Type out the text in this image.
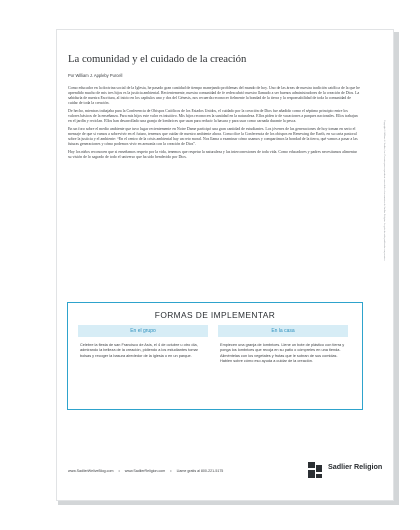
La comunidad y el cuidado de la creación

Por William J. Appleby Purcell

Como educador en la doctrina social de la Iglesia, he pasado gran cantidad de tiempo manejando problemas del mundo de hoy. Uno de las áreas de nuestra tradición católica de la que he aprendido mucho de mis tres hijos es la justicia ambiental. Recientemente, nuestra comunidad de fe redescubrió nuestro llamado a ser buenos administradores de la creación de Dios. La sabiduría de nuestra Escritura, al inicio en los capítulos uno y dos del Génesis, nos recuerda reconocer fielmente la bondad de la tierra y la responsabilidad de toda la comunidad de cuidar de toda la creación.

De hecho, mientras trabajaba para la Conferencia de Obispos Católicos de los Estados Unidos, el cuidado por la creación de Dios fue añadido como el séptimo principio entre los valores básicos de la enseñanza. Para mis hijos este valor es intuitivo. Mis hijos reconocen la santidad en la naturaleza. Ellos piden ir de vacaciones a parques nacionales. Ellos trabajan en el jardín y reciclan. Ellos han desarrollado una granja de lombrices que usan para reducir la basura y para usar como carnada durante la pesca.

En un foro sobre el medio ambiente que tuvo lugar recientemente en Notre Dame participó una gran cantidad de estudiantes. Los jóvenes de las generaciones de hoy toman en serio el mensaje de que si vamos a sobrevivir en el futuro, tenemos que cuidar de nuestro ambiente ahora. Como dice la Conferencia de los obispos en Renewing the Earth, en su carta pastoral sobre la justicia y el ambiente: “En el centro de la crisis ambiental hay un reto moral. Nos llama a examinar cómo usamos y compartimos la bondad de la tierra, qué vamos a pasar a las futuras generaciones y cómo podemos vivir en armonía con la creación de Dios”.

Hoy los niños reconocen que si enseñamos respeto por la vida, tenemos que respetar la naturaleza y las interconexiones de toda vida. Como educadores y padres necesitamos alimentar su visión de lo sagrado de todo el universo que ha sido bendecido por Dios.

FORMAS DE IMPLEMENTAR
En el grupo

Celebre la fiesta de san Francisco de Asís, el 4 de octubre u otro día, admirando la belleza de la creación, pidiendo a los estudiantes tomar bolsas y recoger la basura alrededor de la iglesia o en un parque.

En la casa

Empiecen una granja de lombrices. Llene un bote de plástico con tierra y ponga los lombrices que recoja en su patio o cómpreles en una tienda. Aliméntelas con los vegetales y frutas que le sobran de sus comidas. Hablen sobre cómo eso ayuda a cuidar de la creación.

Copyright © William H. Sadlier, Inc. Permiso para reproducir concedido a los usuarios de Sadlier Religion. La guía ha sido publicada con permiso.
www.SadlierWeliveBlog.com • www.SadlierReligion.com • Llame gratis al 800-221-5175	Sadlier Religion
